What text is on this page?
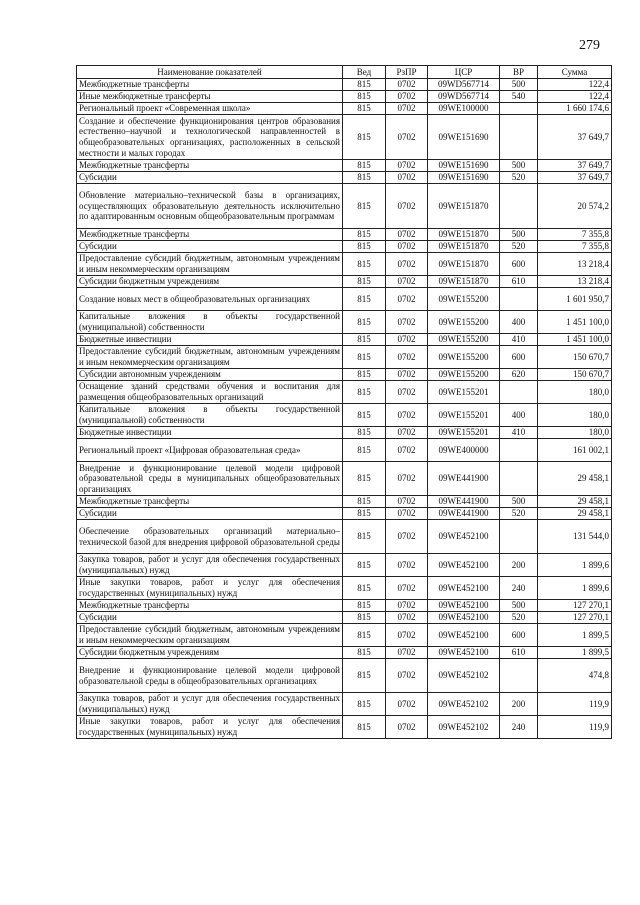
279
Наименование показателей	Вед	РзПР	ЦСР	ВР	Сумма
Межбюджетные трансферты	815	0702	09WD567714	500	122,4
Иные межбюджетные трансферты	815	0702	09WD567714	540	122,4
Региональный проект «Современная школа»	815	0702	09WE100000		1 660 174,6
Создание и обеспечение функционирования центров образования естественно–научной и технологической направленностей в общеобразовательных организациях, расположенных в сельской местности и малых городах	815	0702	09WE151690		37 649,7
Межбюджетные трансферты	815	0702	09WE151690	500	37 649,7
Субсидии	815	0702	09WE151690	520	37 649,7
Обновление материально–технической базы в организациях, осуществляющих образовательную деятельность исключительно по адаптированным основным общеобразовательным программам	815	0702	09WE151870		20 574,2
Межбюджетные трансферты	815	0702	09WE151870	500	7 355,8
Субсидии	815	0702	09WE151870	520	7 355,8
Предоставление субсидий бюджетным, автономным учреждениям и иным некоммерческим организациям	815	0702	09WE151870	600	13 218,4
Субсидии бюджетным учреждениям	815	0702	09WE151870	610	13 218,4
Создание новых мест в общеобразовательных организациях	815	0702	09WE155200		1 601 950,7
Капитальные вложения в объекты государственной (муниципальной) собственности	815	0702	09WE155200	400	1 451 100,0
Бюджетные инвестиции	815	0702	09WE155200	410	1 451 100,0
Предоставление субсидий бюджетным, автономным учреждениям и иным некоммерческим организациям	815	0702	09WE155200	600	150 670,7
Субсидии автономным учреждениям	815	0702	09WE155200	620	150 670,7
Оснащение зданий средствами обучения и воспитания для размещения общеобразовательных организаций	815	0702	09WE155201		180,0
Капитальные вложения в объекты государственной (муниципальной) собственности	815	0702	09WE155201	400	180,0
Бюджетные инвестиции	815	0702	09WE155201	410	180,0
Региональный проект «Цифровая образовательная среда»	815	0702	09WE400000		161 002,1
Внедрение и функционирование целевой модели цифровой образовательной среды в муниципальных общеобразовательных организациях	815	0702	09WE441900		29 458,1
Межбюджетные трансферты	815	0702	09WE441900	500	29 458,1
Субсидии	815	0702	09WE441900	520	29 458,1
Обеспечение образовательных организаций материально–технической базой для внедрения цифровой образовательной среды	815	0702	09WE452100		131 544,0
Закупка товаров, работ и услуг для обеспечения государственных (муниципальных) нужд	815	0702	09WE452100	200	1 899,6
Иные закупки товаров, работ и услуг для обеспечения государственных (муниципальных) нужд	815	0702	09WE452100	240	1 899,6
Межбюджетные трансферты	815	0702	09WE452100	500	127 270,1
Субсидии	815	0702	09WE452100	520	127 270,1
Предоставление субсидий бюджетным, автономным учреждениям и иным некоммерческим организациям	815	0702	09WE452100	600	1 899,5
Субсидии бюджетным учреждениям	815	0702	09WE452100	610	1 899,5
Внедрение и функционирование целевой модели цифровой образовательной среды в общеобразовательных организациях	815	0702	09WE452102		474,8
Закупка товаров, работ и услуг для обеспечения государственных (муниципальных) нужд	815	0702	09WE452102	200	119,9
Иные закупки товаров, работ и услуг для обеспечения государственных (муниципальных) нужд	815	0702	09WE452102	240	119,9
